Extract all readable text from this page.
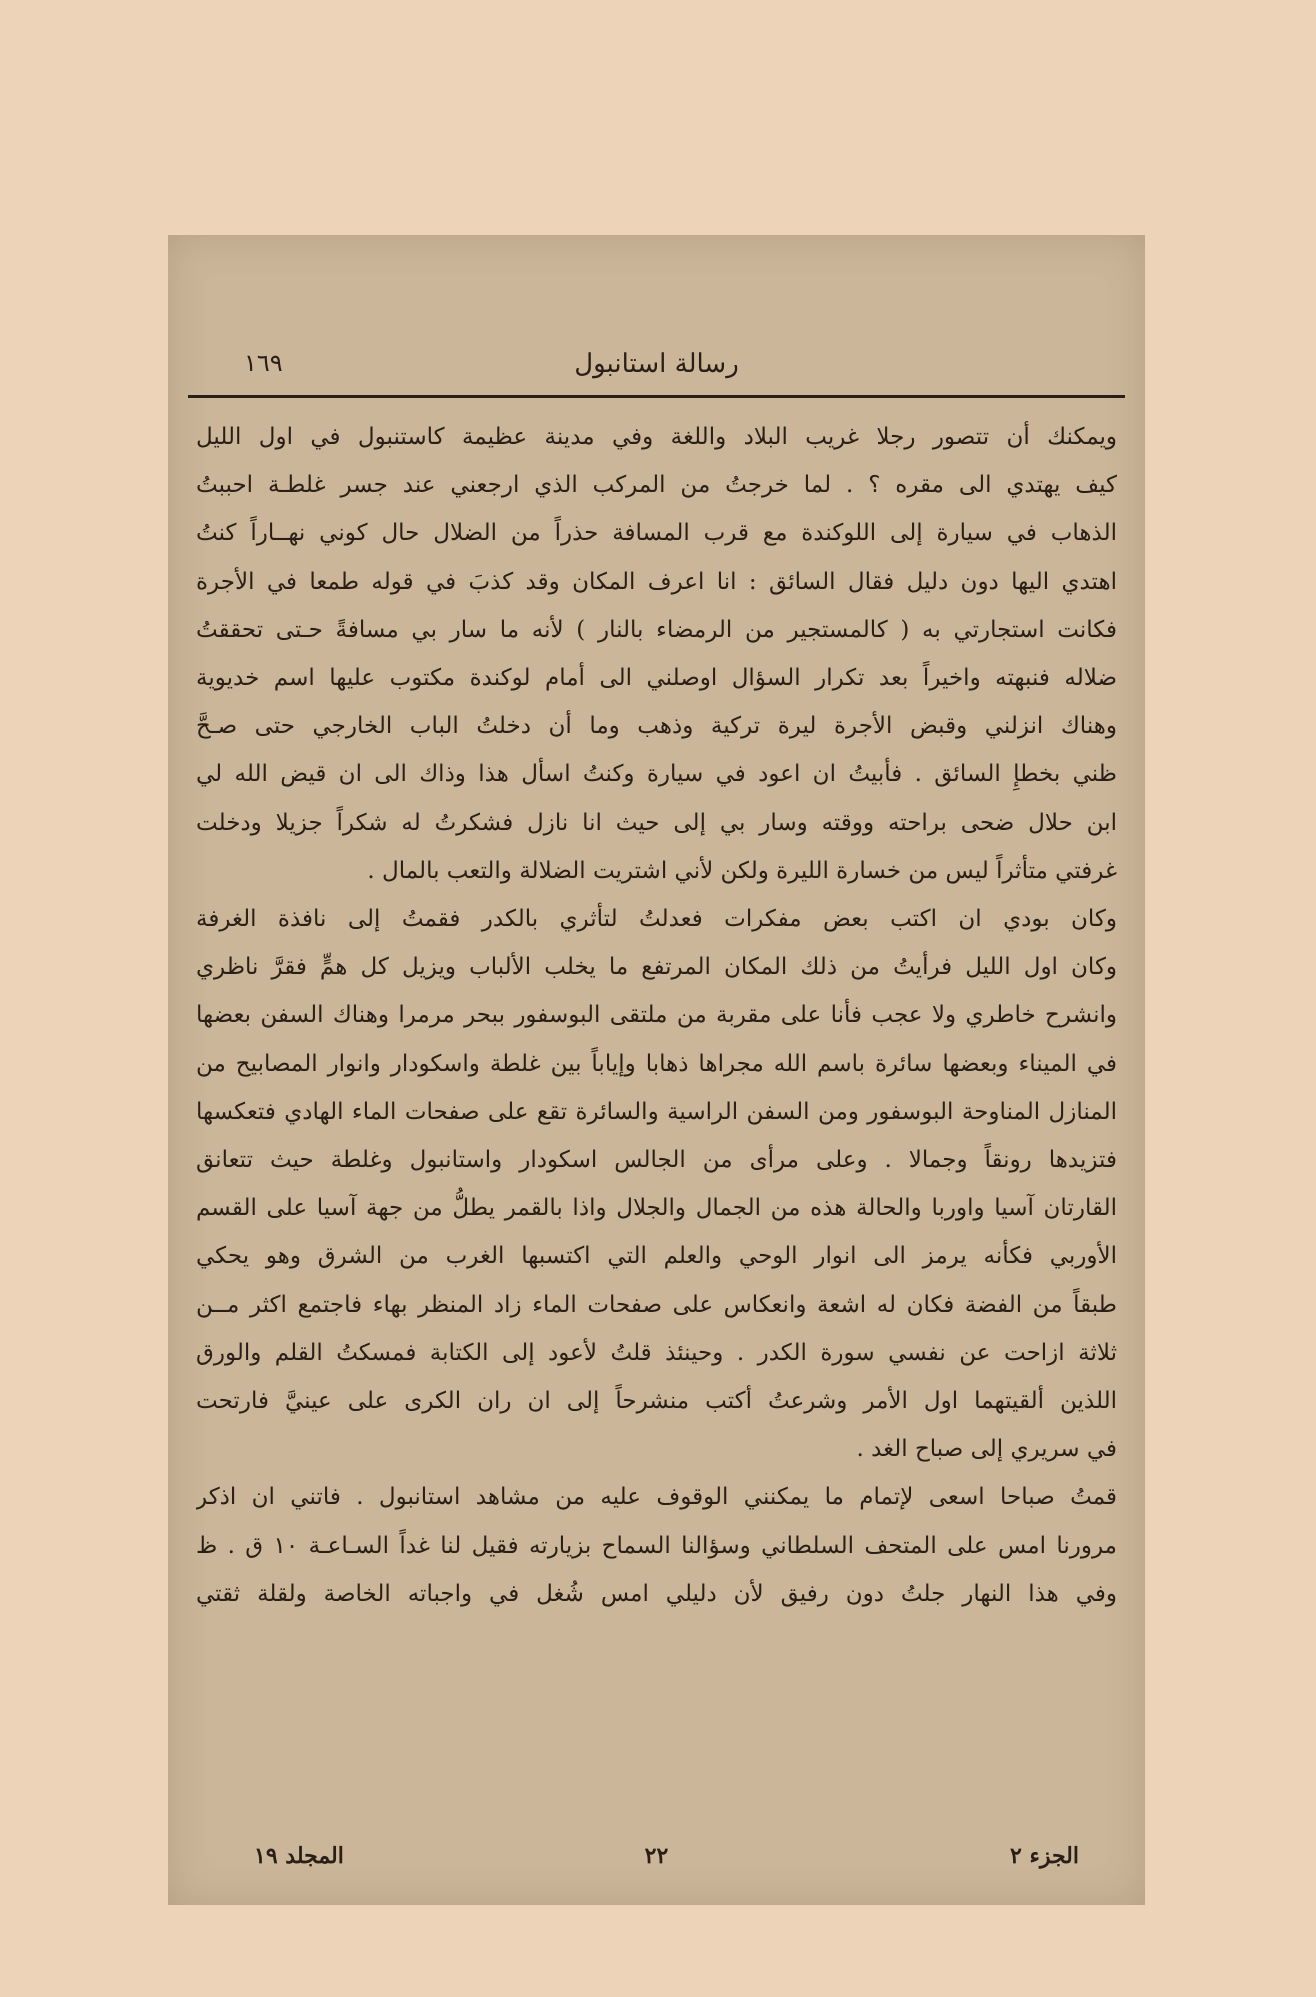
رسالة استانبول
١٦٩
ويمكنك أن تتصور رجلا غريب البلاد واللغة وفي مدينة عظيمة كاستنبول في اول الليل
كيف يهتدي الى مقره ؟ . لما خرجتُ من المركب الذي ارجعني عند جسر غلطـة احببتُ
الذهاب في سيارة إلى اللوكندة مع قرب المسافة حذراً من الضلال حال كوني نهــاراً كنتُ
اهتدي اليها دون دليل فقال السائق : انا اعرف المكان وقد كذبَ في قوله طمعا في الأجرة
فكانت استجارتي به ( كالمستجير من الرمضاء بالنار ) لأنه ما سار بي مسافةً حـتى تحققتُ
ضلاله فنبهته واخيراً بعد تكرار السؤال اوصلني الى أمام لوكندة مكتوب عليها اسم خديوية
وهناك انزلني وقبض الأجرة ليرة تركية وذهب وما أن دخلتُ الباب الخارجي حتى صـحَّ
ظني بخطإِ السائق . فأبيتُ ان اعود في سيارة وكنتُ اسأل هذا وذاك الى ان قيض الله لي
ابن حلال ضحى براحته ووقته وسار بي إلى حيث انا نازل فشكرتُ له شكراً جزيلا ودخلت
غرفتي متأثراً ليس من خسارة الليرة ولكن لأني اشتريت الضلالة والتعب بالمال .
وكان بودي ان اكتب بعض مفكرات فعدلتُ لتأثري بالكدر فقمتُ إلى نافذة الغرفة
وكان اول الليل فرأيتُ من ذلك المكان المرتفع ما يخلب الألباب ويزيل كل همٍّ فقرَّ ناظري
وانشرح خاطري ولا عجب فأنا على مقربة من ملتقى البوسفور ببحر مرمرا وهناك السفن بعضها
في الميناء وبعضها سائرة باسم الله مجراها ذهابا وإياباً بين غلطة واسكودار وانوار المصابيح من
المنازل المناوحة البوسفور ومن السفن الراسية والسائرة تقع على صفحات الماء الهادي فتعكسها
فتزيدها رونقاً وجمالا . وعلى مرأى من الجالس اسكودار واستانبول وغلطة حيث تتعانق
القارتان آسيا واوربا والحالة هذه من الجمال والجلال واذا بالقمر يطلُّ من جهة آسيا على القسم
الأوربي فكأنه يرمز الى انوار الوحي والعلم التي اكتسبها الغرب من الشرق وهو يحكي
طبقاً من الفضة فكان له اشعة وانعكاس على صفحات الماء زاد المنظر بهاء فاجتمع اكثر مــن
ثلاثة ازاحت عن نفسي سورة الكدر . وحينئذ قلتُ لأعود إلى الكتابة فمسكتُ القلم والورق
اللذين ألقيتهما اول الأمر وشرعتُ أكتب منشرحاً إلى ان ران الكرى على عينيَّ فارتحت
في سريري إلى صباح الغد .
قمتُ صباحا اسعى لإتمام ما يمكنني الوقوف عليه من مشاهد استانبول . فاتني ان اذكر
مرورنا امس على المتحف السلطاني وسؤالنا السماح بزيارته فقيل لنا غداً السـاعـة ١٠ ق . ظ
وفي هذا النهار جلتُ دون رفيق لأن دليلي امس شُغل في واجباته الخاصة ولقلة ثقتي
الجزء ٢
٢٢
المجلد ١٩
